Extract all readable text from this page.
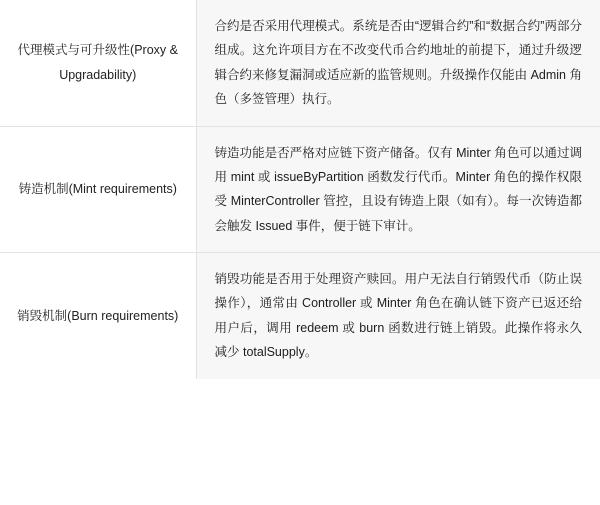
代理模式与可升级性(Proxy & Upgradability)	合约是否采用代理模式。系统是否由“逻辑合约”和“数据合约”两部分组成。这允许项目方在不改变代币合约地址的前提下，通过升级逻辑合约来修复漏洞或适应新的监管规则。升级操作仅能由 Admin 角色（多签管理）执行。

铸造机制(Mint requirements)	铸造功能是否严格对应链下资产储备。仅有 Minter 角色可以通过调用 mint 或 issueByPartition 函数发行代币。Minter 角色的操作权限受 MinterController 管控，且设有铸造上限（如有）。每一次铸造都会触发 Issued 事件，便于链下审计。

销毁机制(Burn requirements)	销毁功能是否用于处理资产赎回。用户无法自行销毁代币（防止误操作），通常由 Controller 或 Minter 角色在确认链下资产已返还给用户后，调用 redeem 或 burn 函数进行链上销毁。此操作将永久减少 totalSupply。
